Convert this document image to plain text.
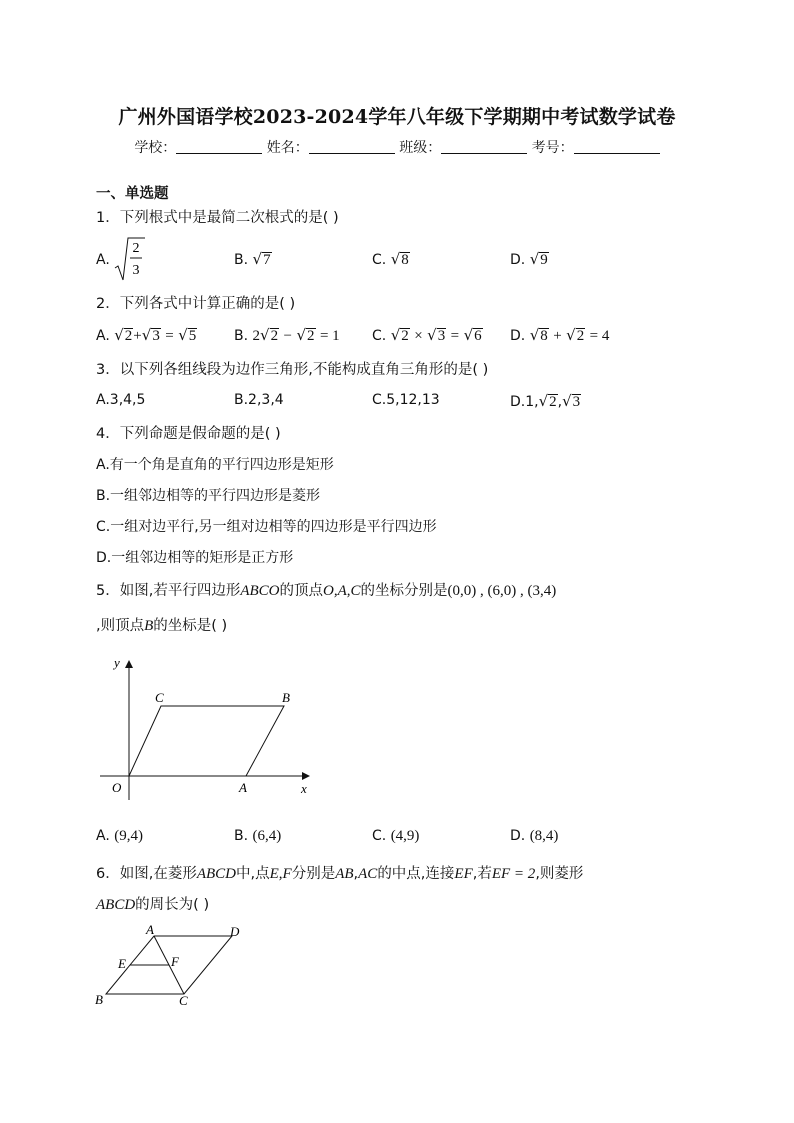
广州外国语学校2023-2024学年八年级下学期期中考试数学试卷
学校：	姓名：	班级：	考号：
一、单选题
1．下列根式中是最简二次根式的是( )
A.
2
3
B. √7	C. √8	D. √9
2．下列各式中计算正确的是( )
A. √2+√3 = √5	B. 2√2 − √2 = 1 C. √2 × √3 = √6 D. √8 + √2 = 4
3．以下列各组线段为边作三角形,不能构成直角三角形的是( )
A.3,4,5	B.2,3,4	C.5,12,13	D.1,√2,√3
4．下列命题是假命题的是( )
A.有一个角是直角的平行四边形是矩形
B.一组邻边相等的平行四边形是菱形
C.一组对边平行,另一组对边相等的四边形是平行四边形
D.一组邻边相等的矩形是正方形
5．如图,若平行四边形ABCO的顶点O,A,C的坐标分别是(0,0) , (6,0) , (3,4)
,则顶点B的坐标是( )
y
x
O	A
B
C
A. (9,4)	B. (6,4)	C. (4,9)	D. (8,4)
6．如图,在菱形ABCD中,点E,F分别是AB,AC的中点,连接EF,若EF = 2,则菱形
ABCD的周长为( )
A	D
E	F
B	C
